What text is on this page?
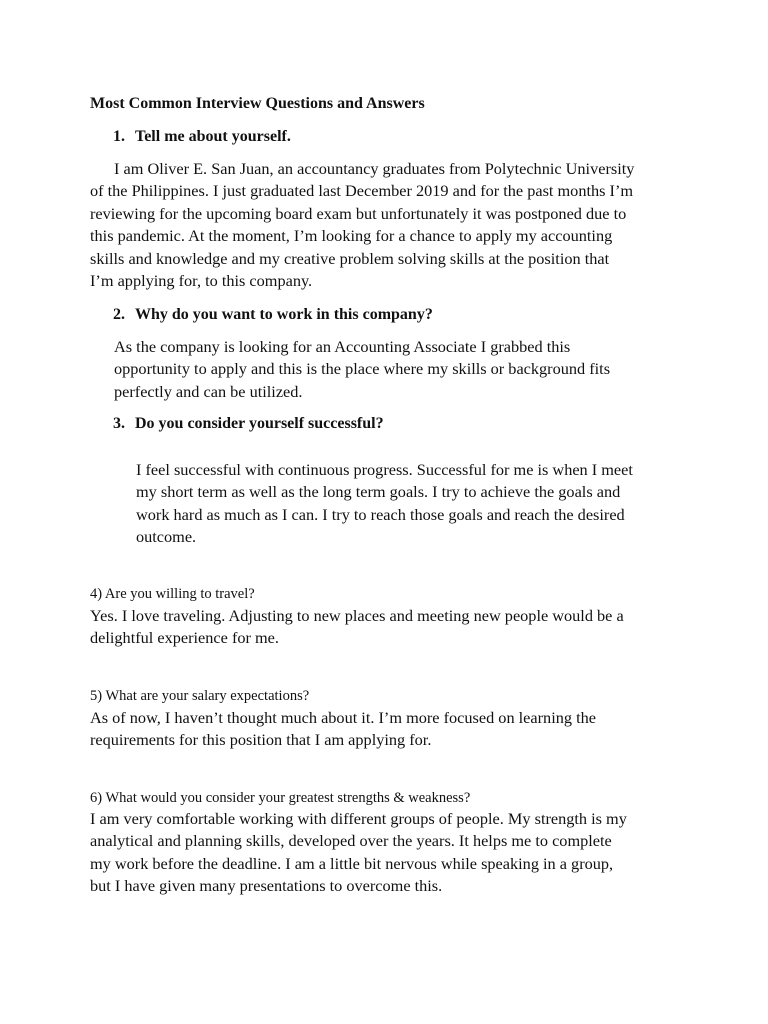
Most Common Interview Questions and Answers
1. Tell me about yourself.
I am Oliver E. San Juan, an accountancy graduates from Polytechnic University
of the Philippines. I just graduated last December 2019 and for the past months I’m
reviewing for the upcoming board exam but unfortunately it was postponed due to
this pandemic. At the moment, I’m looking for a chance to apply my accounting
skills and knowledge and my creative problem solving skills at the position that
I’m applying for, to this company.
2. Why do you want to work in this company?
As the company is looking for an Accounting Associate I grabbed this
opportunity to apply and this is the place where my skills or background fits
perfectly and can be utilized.
3. Do you consider yourself successful?
I feel successful with continuous progress. Successful for me is when I meet
my short term as well as the long term goals. I try to achieve the goals and
work hard as much as I can. I try to reach those goals and reach the desired
outcome.
4) Are you willing to travel?
Yes. I love traveling. Adjusting to new places and meeting new people would be a
delightful experience for me.
5) What are your salary expectations?
As of now, I haven’t thought much about it. I’m more focused on learning the
requirements for this position that I am applying for.
6) What would you consider your greatest strengths & weakness?
I am very comfortable working with different groups of people. My strength is my
analytical and planning skills, developed over the years. It helps me to complete
my work before the deadline. I am a little bit nervous while speaking in a group,
but I have given many presentations to overcome this.
